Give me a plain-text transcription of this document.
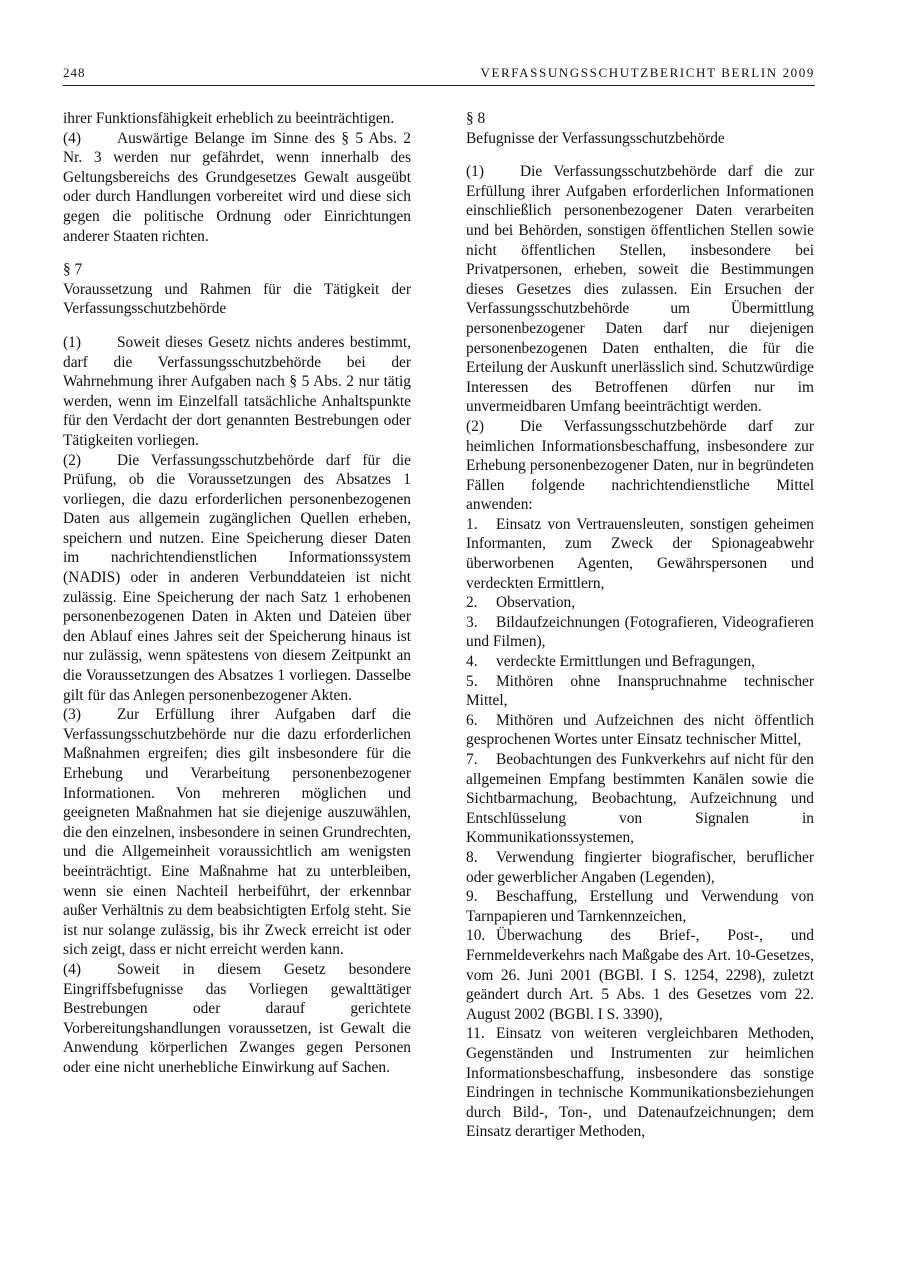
248	VERFASSUNGSSCHUTZBERICHT BERLIN 2009

ihrer Funktionsfähigkeit erheblich zu beeinträchtigen.

(4) Auswärtige Belange im Sinne des § 5 Abs. 2 Nr. 3 werden nur gefährdet, wenn innerhalb des Geltungsbereichs des Grundgesetzes Gewalt ausgeübt oder durch Handlungen vorbereitet wird und diese sich gegen die politische Ordnung oder Einrichtungen anderer Staaten richten.

§ 7

Voraussetzung und Rahmen für die Tätigkeit der Verfassungsschutzbehörde

(1) Soweit dieses Gesetz nichts anderes bestimmt, darf die Verfassungsschutzbehörde bei der Wahrnehmung ihrer Aufgaben nach § 5 Abs. 2 nur tätig werden, wenn im Einzelfall tatsächliche Anhaltspunkte für den Verdacht der dort genannten Bestrebungen oder Tätigkeiten vorliegen.

(2) Die Verfassungsschutzbehörde darf für die Prüfung, ob die Voraussetzungen des Absatzes 1 vorliegen, die dazu erforderlichen personenbezogenen Daten aus allgemein zugänglichen Quellen erheben, speichern und nutzen. Eine Speicherung dieser Daten im nachrichtendienstlichen Informationssystem (NADIS) oder in anderen Verbunddateien ist nicht zulässig. Eine Speicherung der nach Satz 1 erhobenen personenbezogenen Daten in Akten und Dateien über den Ablauf eines Jahres seit der Speicherung hinaus ist nur zulässig, wenn spätestens von diesem Zeitpunkt an die Voraussetzungen des Absatzes 1 vorliegen. Dasselbe gilt für das Anlegen personenbezogener Akten.

(3) Zur Erfüllung ihrer Aufgaben darf die Verfassungsschutzbehörde nur die dazu erforderlichen Maßnahmen ergreifen; dies gilt insbesondere für die Erhebung und Verarbeitung personenbezogener Informationen. Von mehreren möglichen und geeigneten Maßnahmen hat sie diejenige auszuwählen, die den einzelnen, insbesondere in seinen Grundrechten, und die Allgemeinheit voraussichtlich am wenigsten beeinträchtigt. Eine Maßnahme hat zu unterbleiben, wenn sie einen Nachteil herbeiführt, der erkennbar außer Verhältnis zu dem beabsichtigten Erfolg steht. Sie ist nur solange zulässig, bis ihr Zweck erreicht ist oder sich zeigt, dass er nicht erreicht werden kann.

(4) Soweit in diesem Gesetz besondere Eingriffsbefugnisse das Vorliegen gewalttätiger Bestrebungen oder darauf gerichtete Vorbereitungshandlungen voraussetzen, ist Gewalt die Anwendung körperlichen Zwanges gegen Personen oder eine nicht unerhebliche Einwirkung auf Sachen.

§ 8

Befugnisse der Verfassungsschutzbehörde

(1) Die Verfassungsschutzbehörde darf die zur Erfüllung ihrer Aufgaben erforderlichen Informationen einschließlich personenbezogener Daten verarbeiten und bei Behörden, sonstigen öffentlichen Stellen sowie nicht öffentlichen Stellen, insbesondere bei Privatpersonen, erheben, soweit die Bestimmungen dieses Gesetzes dies zulassen. Ein Ersuchen der Verfassungsschutzbehörde um Übermittlung personenbezogener Daten darf nur diejenigen personenbezogenen Daten enthalten, die für die Erteilung der Auskunft unerlässlich sind. Schutzwürdige Interessen des Betroffenen dürfen nur im unvermeidbaren Umfang beeinträchtigt werden.

(2) Die Verfassungsschutzbehörde darf zur heimlichen Informationsbeschaffung, insbesondere zur Erhebung personenbezogener Daten, nur in begründeten Fällen folgende nachrichtendienstliche Mittel anwenden:

1. Einsatz von Vertrauensleuten, sonstigen geheimen Informanten, zum Zweck der Spionageabwehr überworbenen Agenten, Gewährspersonen und verdeckten Ermittlern,

2. Observation,

3. Bildaufzeichnungen (Fotografieren, Videografieren und Filmen),

4. verdeckte Ermittlungen und Befragungen,

5. Mithören ohne Inanspruchnahme technischer Mittel,

6. Mithören und Aufzeichnen des nicht öffentlich gesprochenen Wortes unter Einsatz technischer Mittel,

7. Beobachtungen des Funkverkehrs auf nicht für den allgemeinen Empfang bestimmten Kanälen sowie die Sichtbarmachung, Beobachtung, Aufzeichnung und Entschlüsselung von Signalen in Kommunikationssystemen,

8. Verwendung fingierter biografischer, beruflicher oder gewerblicher Angaben (Legenden),

9. Beschaffung, Erstellung und Verwendung von Tarnpapieren und Tarnkennzeichen,

10. Überwachung des Brief-, Post-, und Fernmeldeverkehrs nach Maßgabe des Art. 10-Gesetzes, vom 26. Juni 2001 (BGBl. I S. 1254, 2298), zuletzt geändert durch Art. 5 Abs. 1 des Gesetzes vom 22. August 2002 (BGBl. I S. 3390),

11. Einsatz von weiteren vergleichbaren Methoden, Gegenständen und Instrumenten zur heimlichen Informationsbeschaffung, insbesondere das sonstige Eindringen in technische Kommunikationsbeziehungen durch Bild-, Ton-, und Datenaufzeichnungen; dem Einsatz derartiger Methoden,
